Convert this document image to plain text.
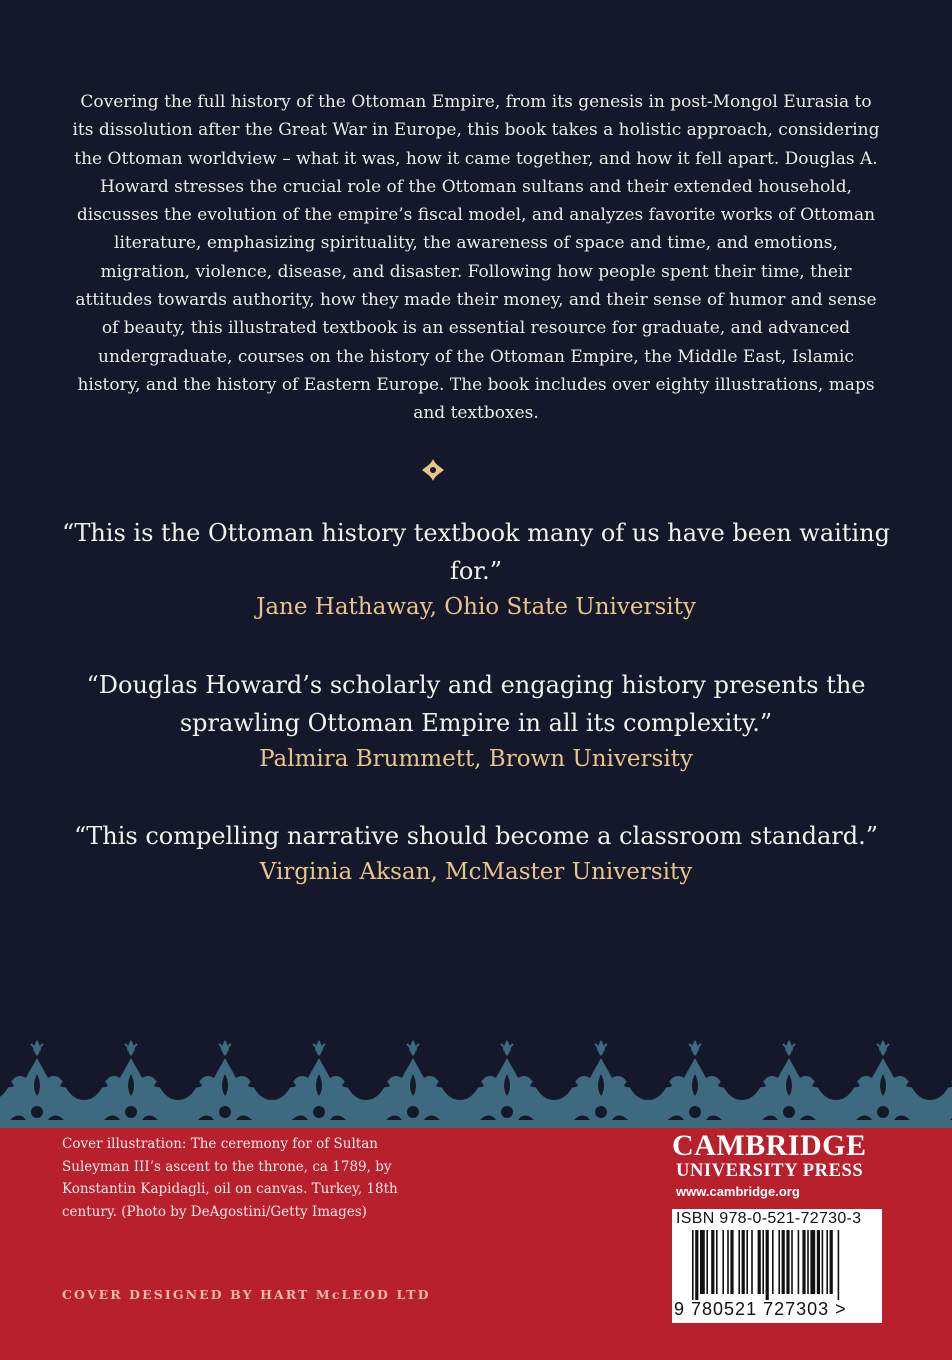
Covering the full history of the Ottoman Empire, from its genesis in post-Mongol Eurasia to its dissolution after the Great War in Europe, this book takes a holistic approach, considering the Ottoman worldview – what it was, how it came together, and how it fell apart. Douglas A. Howard stresses the crucial role of the Ottoman sultans and their extended household, discusses the evolution of the empire’s fiscal model, and analyzes favorite works of Ottoman literature, emphasizing spirituality, the awareness of space and time, and emotions, migration, violence, disease, and disaster. Following how people spent their time, their attitudes towards authority, how they made their money, and their sense of humor and sense of beauty, this illustrated textbook is an essential resource for graduate, and advanced undergraduate, courses on the history of the Ottoman Empire, the Middle East, Islamic history, and the history of Eastern Europe. The book includes over eighty illustrations, maps and textboxes.

“This is the Ottoman history textbook many of us have been waiting for.”

Jane Hathaway, Ohio State University

“Douglas Howard’s scholarly and engaging history presents the sprawling Ottoman Empire in all its complexity.”

Palmira Brummett, Brown University

“This compelling narrative should become a classroom standard.”

Virginia Aksan, McMaster University

Cover illustration: The ceremony for of Sultan Suleyman III’s ascent to the throne, ca 1789, by Konstantin Kapidagli, oil on canvas. Turkey, 18th century. (Photo by DeAgostini/Getty Images)

COVER DESIGNED BY HART McLEOD LTD
CAMBRIDGE
UNIVERSITY PRESS
www.cambridge.org
ISBN 978-0-521-72730-3
9 780521 727303 >
